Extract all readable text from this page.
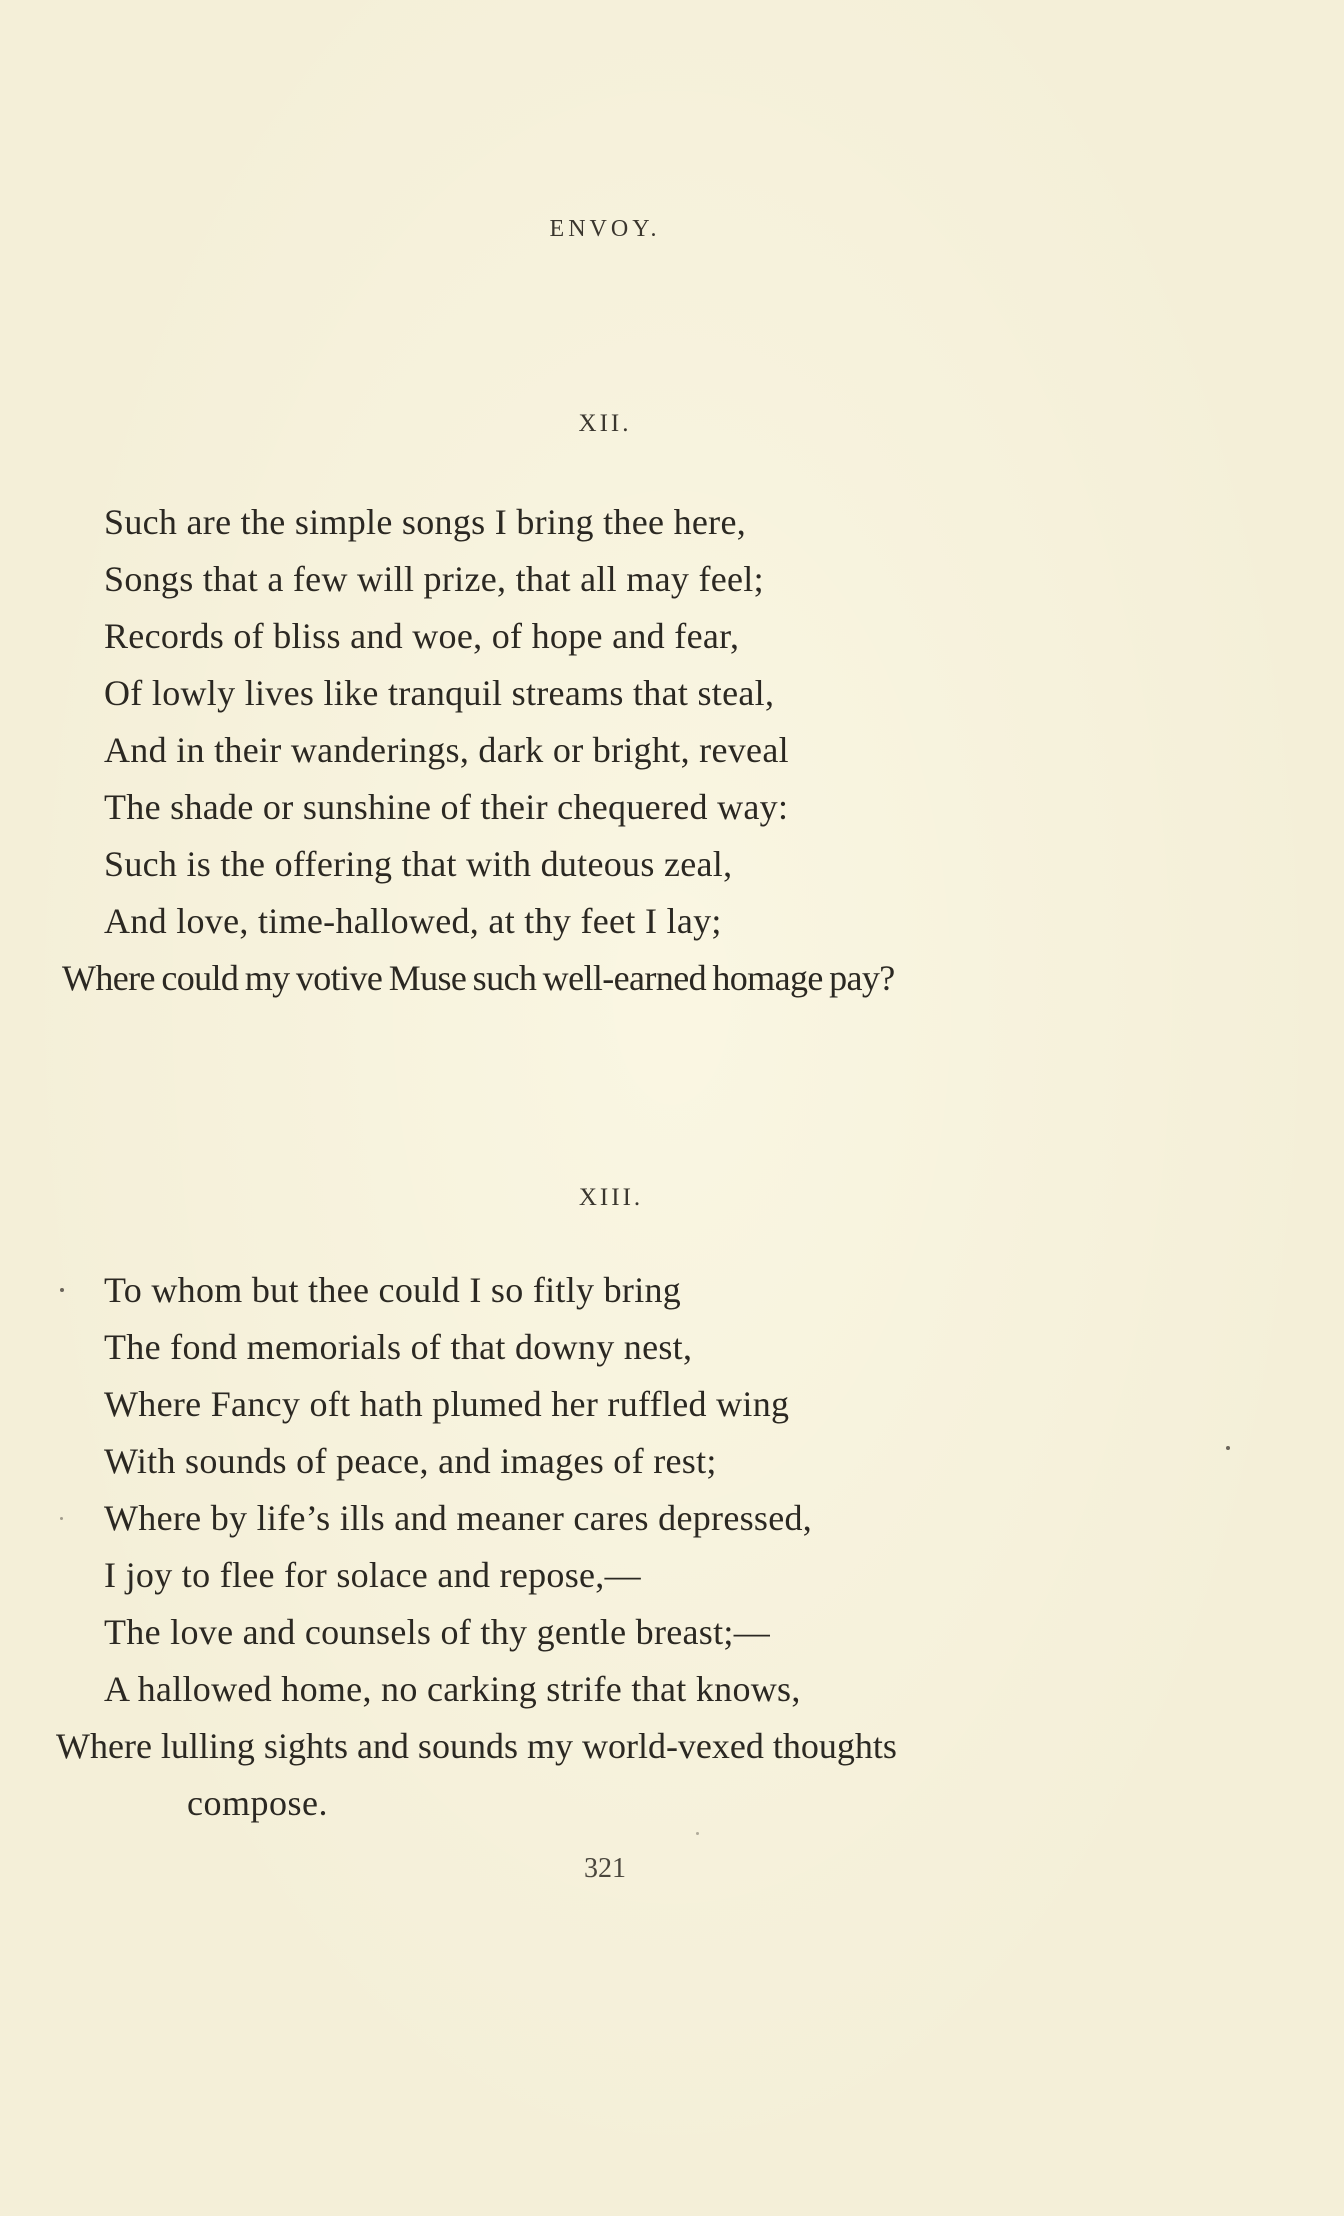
ENVOY.
XII.
Such are the simple songs I bring thee here,
Songs that a few will prize, that all may feel;
Records of bliss and woe, of hope and fear,
Of lowly lives like tranquil streams that steal,
And in their wanderings, dark or bright, reveal
The shade or sunshine of their chequered way:
Such is the offering that with duteous zeal,
And love, time-hallowed, at thy feet I lay;
Where could my votive Muse such well-earned homage pay?
XIII.
To whom but thee could I so fitly bring
The fond memorials of that downy nest,
Where Fancy oft hath plumed her ruffled wing
With sounds of peace, and images of rest;
Where by life’s ills and meaner cares depressed,
I joy to flee for solace and repose,—
The love and counsels of thy gentle breast;—
A hallowed home, no carking strife that knows,
Where lulling sights and sounds my world-vexed thoughts
compose.
321
